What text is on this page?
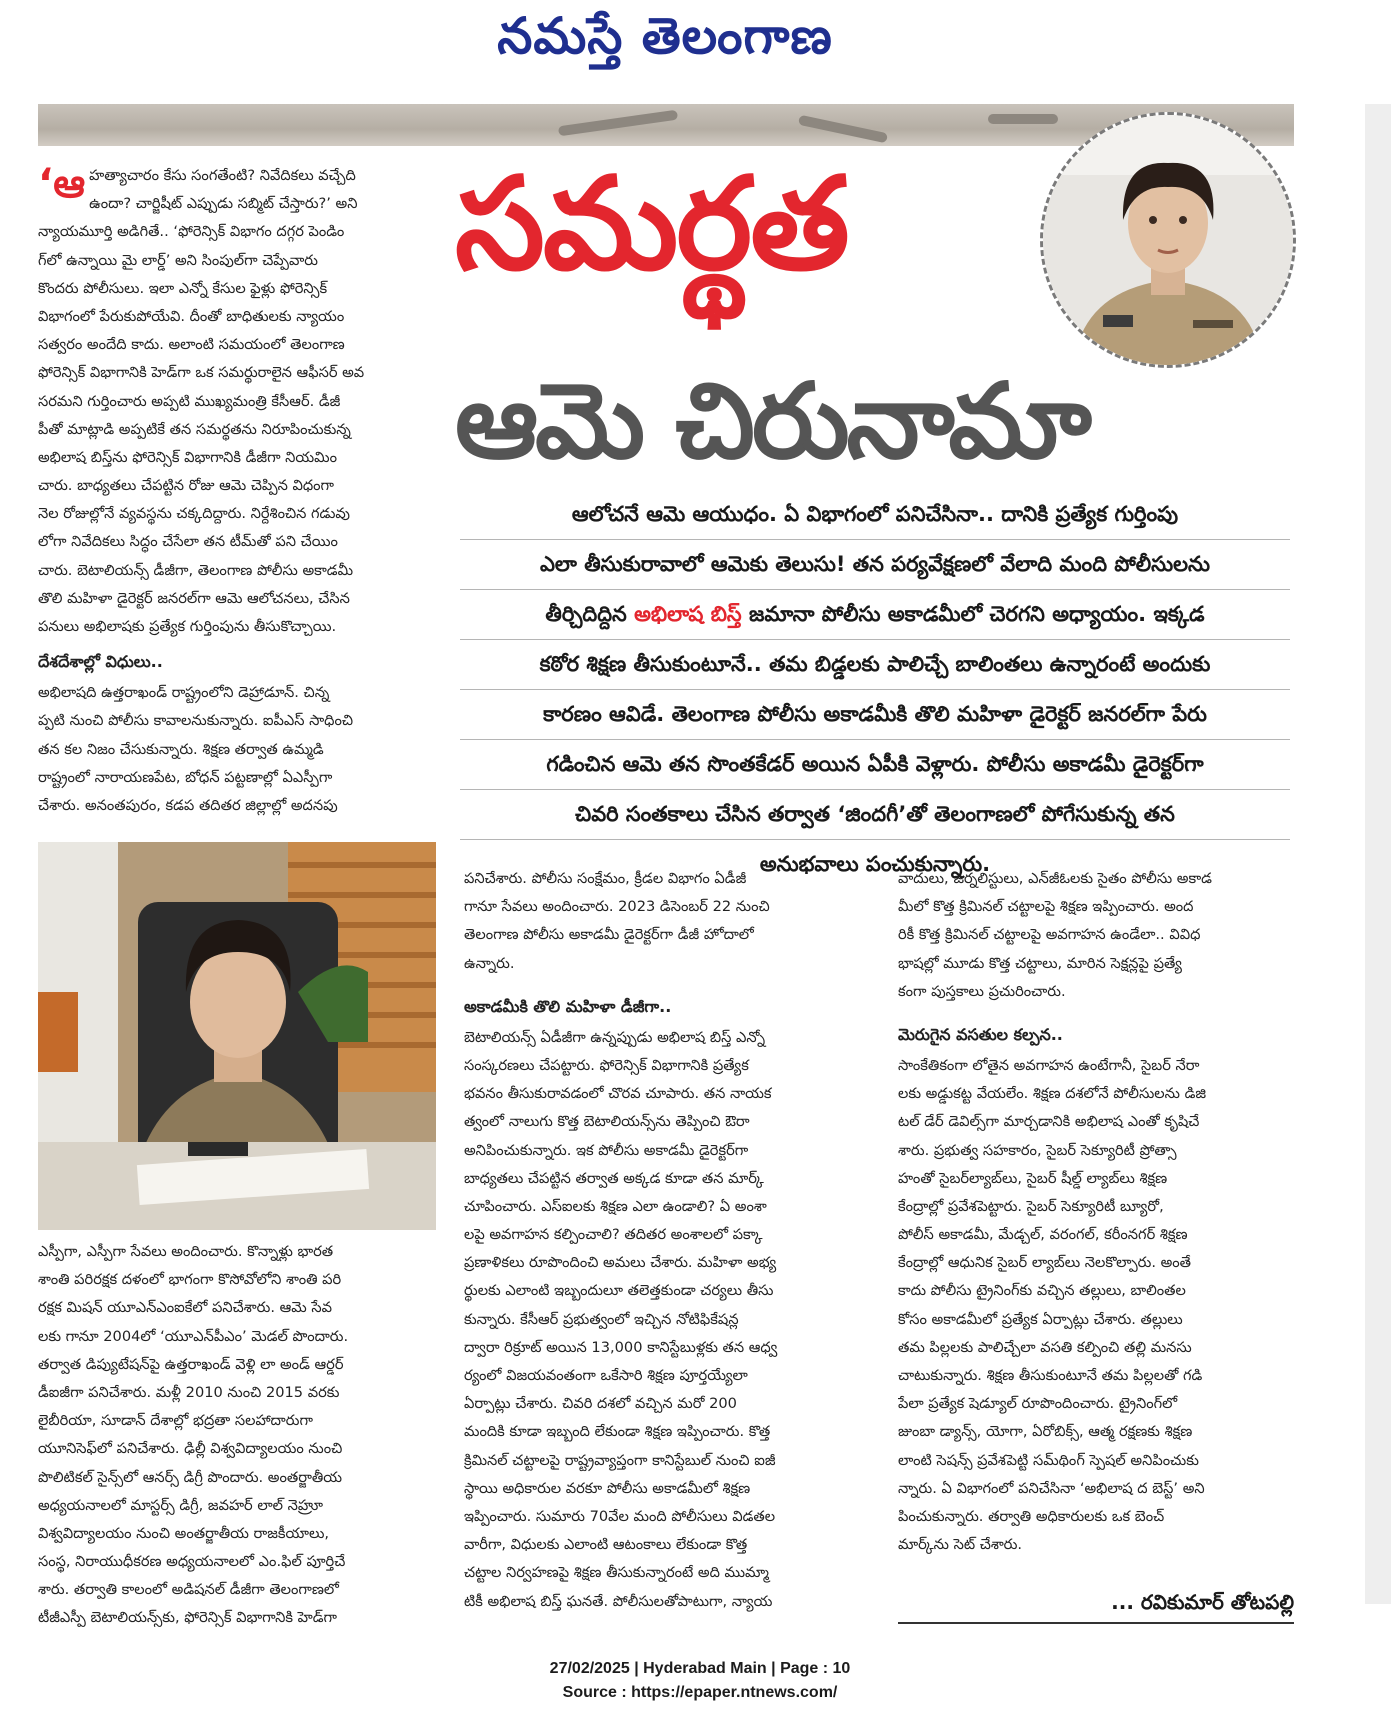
నమస్తే తెలంగాణ
సమర్థత
ఆమె చిరునామా
ఆలోచనే ఆమె ఆయుధం. ఏ విభాగంలో పనిచేసినా.. దానికి ప్రత్యేక గుర్తింపు
ఎలా తీసుకురావాలో ఆమెకు తెలుసు! తన పర్యవేక్షణలో వేలాది మంది పోలీసులను
తీర్చిదిద్దిన అభిలాష బిస్త్ జమానా పోలీసు అకాడమీలో చెరగని అధ్యాయం. ఇక్కడ
కఠోర శిక్షణ తీసుకుంటూనే.. తమ బిడ్డలకు పాలిచ్చే బాలింతలు ఉన్నారంటే అందుకు
కారణం ఆవిడే. తెలంగాణ పోలీసు అకాడమీకి తొలి మహిళా డైరెక్టర్ జనరల్‌గా పేరు
గడించిన ఆమె తన సొంతకేడర్ అయిన ఏపీకి వెళ్లారు. పోలీసు అకాడమీ డైరెక్టర్‌గా
చివరి సంతకాలు చేసిన తర్వాత ‘జిందగీ’తో తెలంగాణలో పోగేసుకున్న తన
అనుభవాలు పంచుకున్నారు.
‘ఆ హత్యాచారం కేసు సంగతేంటి? నివేదికలు వచ్చేది
ఉందా? చార్జిషీట్ ఎప్పుడు సబ్మిట్ చేస్తారు?’ అని
న్యాయమూర్తి అడిగితే.. ‘ఫోరెన్సిక్ విభాగం దగ్గర పెండిం
గ్‌లో ఉన్నాయి మై లార్డ్’ అని సింపుల్‌గా చెప్పేవారు
కొందరు పోలీసులు. ఇలా ఎన్నో కేసుల ఫైళ్లు ఫోరెన్సిక్
విభాగంలో పేరుకుపోయేవి. దీంతో బాధితులకు న్యాయం
సత్వరం అందేది కాదు. అలాంటి సమయంలో తెలంగాణ
ఫోరెన్సిక్ విభాగానికి హెడ్‌గా ఒక సమర్థురాలైన ఆఫీసర్ అవ
సరమని గుర్తించారు అప్పటి ముఖ్యమంత్రి కేసీఆర్. డీజీ
పీతో మాట్లాడి అప్పటికే తన సమర్థతను నిరూపించుకున్న
అభిలాష బిస్త్‌ను ఫోరెన్సిక్ విభాగానికి డీజీగా నియమిం
చారు. బాధ్యతలు చేపట్టిన రోజు ఆమె చెప్పిన విధంగా
నెల రోజుల్లోనే వ్యవస్థను చక్కదిద్దారు. నిర్దేశించిన గడువు
లోగా నివేదికలు సిద్ధం చేసేలా తన టీమ్‌తో పని చేయిం
చారు. బెటాలియన్స్ డీజీగా, తెలంగాణ పోలీసు అకాడమీ
తొలి మహిళా డైరెక్టర్ జనరల్‌గా ఆమె ఆలోచనలు, చేసిన
పనులు అభిలాషకు ప్రత్యేక గుర్తింపును తీసుకొచ్చాయి.
దేశదేశాల్లో విధులు..
అభిలాషది ఉత్తరాఖండ్ రాష్ట్రంలోని డెహ్రాడూన్. చిన్న
ప్పటి నుంచి పోలీసు కావాలనుకున్నారు. ఐపీఎస్ సాధించి
తన కల నిజం చేసుకున్నారు. శిక్షణ తర్వాత ఉమ్మడి
రాష్ట్రంలో నారాయణపేట, బోధన్ పట్టణాల్లో ఏఎస్పీగా
చేశారు. అనంతపురం, కడప తదితర జిల్లాల్లో అదనపు
ఎస్పీగా, ఎస్పీగా సేవలు అందించారు. కొన్నాళ్లు భారత
శాంతి పరిరక్షక దళంలో భాగంగా కొసోవోలోని శాంతి పరి
రక్షక మిషన్ యూఎన్ఎంఐకేలో పనిచేశారు. ఆమె సేవ
లకు గానూ 2004లో ‘యూఎన్‌పీఎం’ మెడల్ పొందారు.
తర్వాత డిప్యుటేషన్‌పై ఉత్తరాఖండ్ వెళ్లి లా అండ్ ఆర్డర్
డీఐజీగా పనిచేశారు. మళ్లీ 2010 నుంచి 2015 వరకు
లైబీరియా, సూడాన్ దేశాల్లో భద్రతా సలహాదారుగా
యూనిసెఫ్‌లో పనిచేశారు. ఢిల్లీ విశ్వవిద్యాలయం నుంచి
పొలిటికల్ సైన్స్‌లో ఆనర్స్ డిగ్రీ పొందారు. అంతర్జాతీయ
అధ్యయనాలలో మాస్టర్స్ డిగ్రీ, జవహర్ లాల్ నెహ్రూ
విశ్వవిద్యాలయం నుంచి అంతర్జాతీయ రాజకీయాలు,
సంస్థ, నిరాయుధీకరణ అధ్యయనాలలో ఎం.ఫిల్ పూర్తిచే
శారు. తర్వాతి కాలంలో అడిషనల్ డీజీగా తెలంగాణలో
టీజీఎస్పీ బెటాలియన్స్‌కు, ఫోరెన్సిక్ విభాగానికి హెడ్‌గా
పనిచేశారు. పోలీసు సంక్షేమం, క్రీడల విభాగం ఏడీజీ
గానూ సేవలు అందించారు. 2023 డిసెంబర్ 22 నుంచి
తెలంగాణ పోలీసు అకాడమీ డైరెక్టర్‌గా డీజీ హోదాలో
ఉన్నారు.
అకాడమీకి తొలి మహిళా డీజీగా..
బెటాలియన్స్ ఏడీజీగా ఉన్నప్పుడు అభిలాష బిస్త్ ఎన్నో
సంస్కరణలు చేపట్టారు. ఫోరెన్సిక్ విభాగానికి ప్రత్యేక
భవనం తీసుకురావడంలో చొరవ చూపారు. తన నాయక
త్వంలో నాలుగు కొత్త బెటాలియన్స్‌ను తెప్పించి ఔరా
అనిపించుకున్నారు. ఇక పోలీసు అకాడమీ డైరెక్టర్‌గా
బాధ్యతలు చేపట్టిన తర్వాత అక్కడ కూడా తన మార్క్
చూపించారు. ఎస్ఐలకు శిక్షణ ఎలా ఉండాలి? ఏ అంశా
లపై అవగాహన కల్పించాలి? తదితర అంశాలలో పక్కా
ప్రణాళికలు రూపొందించి అమలు చేశారు. మహిళా అభ్య
ర్థులకు ఎలాంటి ఇబ్బందులూ తలెత్తకుండా చర్యలు తీసు
కున్నారు. కేసీఆర్ ప్రభుత్వంలో ఇచ్చిన నోటిఫికేషన్ల
ద్వారా రిక్రూట్ అయిన 13,000 కానిస్టేబుళ్లకు తన ఆధ్వ
ర్యంలో విజయవంతంగా ఒకేసారి శిక్షణ పూర్తయ్యేలా
ఏర్పాట్లు చేశారు. చివరి దశలో వచ్చిన మరో 200
మందికి కూడా ఇబ్బంది లేకుండా శిక్షణ ఇప్పించారు. కొత్త
క్రిమినల్ చట్టాలపై రాష్ట్రవ్యాప్తంగా కానిస్టేబుల్ నుంచి ఐజీ
స్థాయి అధికారుల వరకూ పోలీసు అకాడమీలో శిక్షణ
ఇప్పించారు. సుమారు 70వేల మంది పోలీసులు విడతల
వారీగా, విధులకు ఎలాంటి ఆటంకాలు లేకుండా కొత్త
చట్టాల నిర్వహణపై శిక్షణ తీసుకున్నారంటే అది ముమ్మా
టికీ అభిలాష బిస్త్ ఘనతే. పోలీసులతోపాటుగా, న్యాయ
వాదులు, జర్నలిస్టులు, ఎన్‌జీఓలకు సైతం పోలీసు అకాడ
మీలో కొత్త క్రిమినల్ చట్టాలపై శిక్షణ ఇప్పించారు. అంద
రికీ కొత్త క్రిమినల్ చట్టాలపై అవగాహన ఉండేలా.. వివిధ
భాషల్లో మూడు కొత్త చట్టాలు, మారిన సెక్షన్లపై ప్రత్యే
కంగా పుస్తకాలు ప్రచురించారు.
మెరుగైన వసతుల కల్పన..
సాంకేతికంగా లోతైన అవగాహన ఉంటేగానీ, సైబర్ నేరా
లకు అడ్డుకట్ట వేయలేం. శిక్షణ దశలోనే పోలీసులను డిజి
టల్ డేర్ డెవిల్స్‌గా మార్చడానికి అభిలాష ఎంతో కృషిచే
శారు. ప్రభుత్వ సహకారం, సైబర్ సెక్యూరిటీ ప్రోత్సా
హంతో సైబర్‌ల్యాబ్‌లు, సైబర్ షీల్డ్ ల్యాబ్‌లు శిక్షణ
కేంద్రాల్లో ప్రవేశపెట్టారు. సైబర్ సెక్యూరిటీ బ్యూరో,
పోలీస్ అకాడమీ, మేడ్చల్, వరంగల్, కరీంనగర్ శిక్షణ
కేంద్రాల్లో ఆధునిక సైబర్ ల్యాబ్‌లు నెలకొల్పారు. అంతే
కాదు పోలీసు ట్రైనింగ్‌కు వచ్చిన తల్లులు, బాలింతల
కోసం అకాడమీలో ప్రత్యేక ఏర్పాట్లు చేశారు. తల్లులు
తమ పిల్లలకు పాలిచ్చేలా వసతి కల్పించి తల్లి మనసు
చాటుకున్నారు. శిక్షణ తీసుకుంటూనే తమ పిల్లలతో గడి
పేలా ప్రత్యేక షెడ్యూల్ రూపొందించారు. ట్రైనింగ్‌లో
జుంబా డ్యాన్స్, యోగా, ఏరోబిక్స్, ఆత్మ రక్షణకు శిక్షణ
లాంటి సెషన్స్ ప్రవేశపెట్టి సమ్‌థింగ్ స్పెషల్ అనిపించుకు
న్నారు. ఏ విభాగంలో పనిచేసినా ‘అభిలాష ద బెస్ట్’ అని
పించుకున్నారు. తర్వాతి అధికారులకు ఒక బెంచ్
మార్క్‌ను సెట్ చేశారు.
... రవికుమార్ తోటపల్లి
27/02/2025 | Hyderabad Main | Page : 10
Source : https://epaper.ntnews.com/
